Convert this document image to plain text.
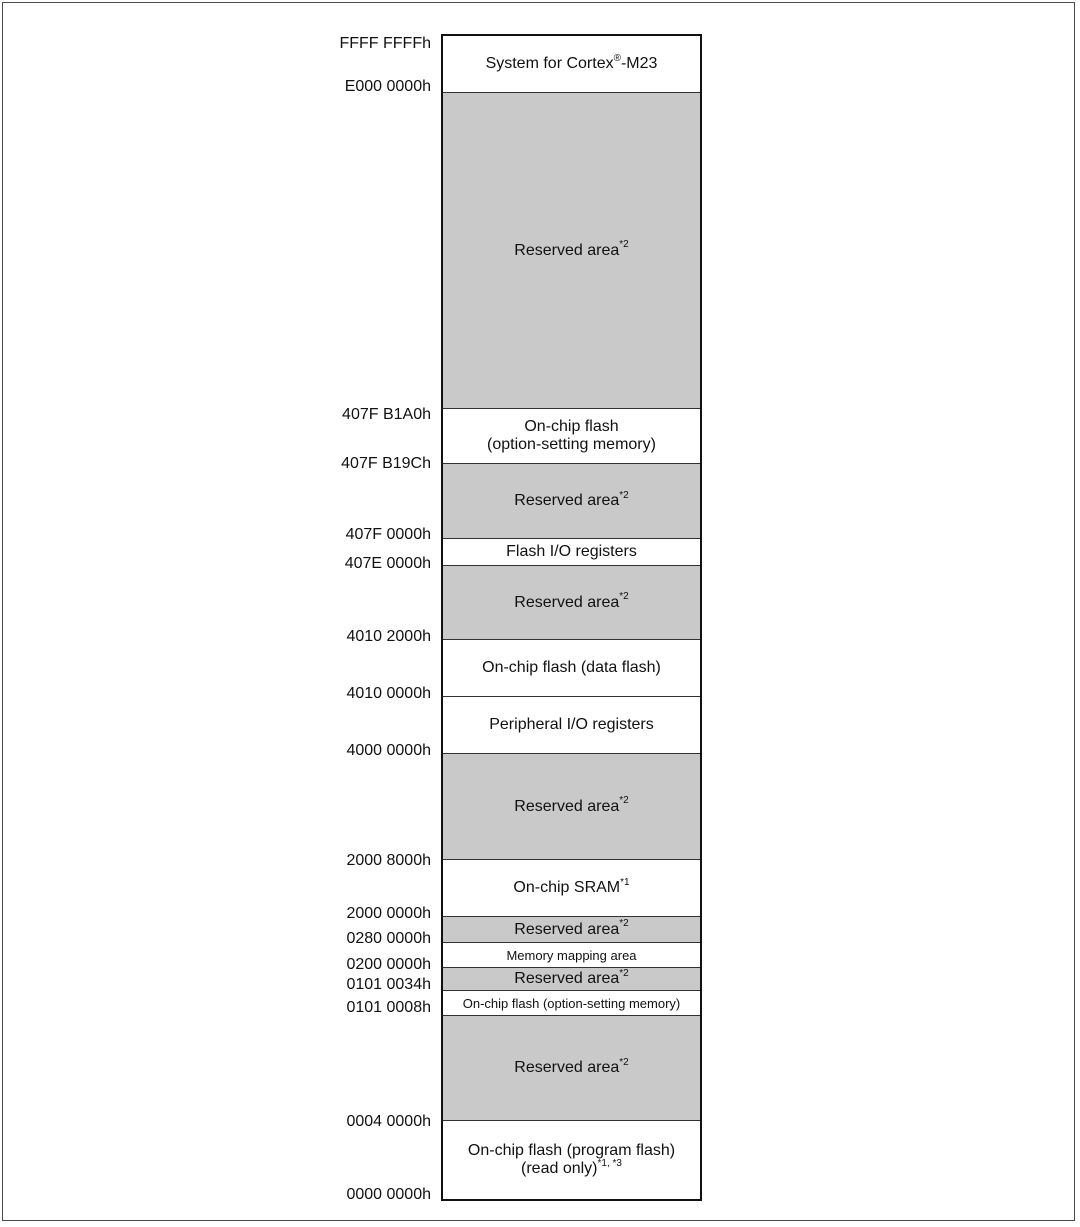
System for Cortex®-M23
Reserved area$^{*2}$
On-chip flash
(option-setting memory)
Reserved area$^{*2}$
Flash I/O registers
Reserved area$^{*2}$
On-chip flash (data flash)
Peripheral I/O registers
Reserved area$^{*2}$
On-chip SRAM$^{*1}$
Reserved area$^{*2}$
Memory mapping area
Reserved area$^{*2}$
On-chip flash (option-setting memory)
Reserved area$^{*2}$
On-chip flash (program flash)
(read only)$^{*1, *3}$
FFFF FFFFh
E000 0000h
407F B1A0h
407F B19Ch
407F 0000h
407E 0000h
4010 2000h
4010 0000h
4000 0000h
2000 8000h
2000 0000h
0280 0000h
0200 0000h
0101 0034h
0101 0008h
0004 0000h
0000 0000h
